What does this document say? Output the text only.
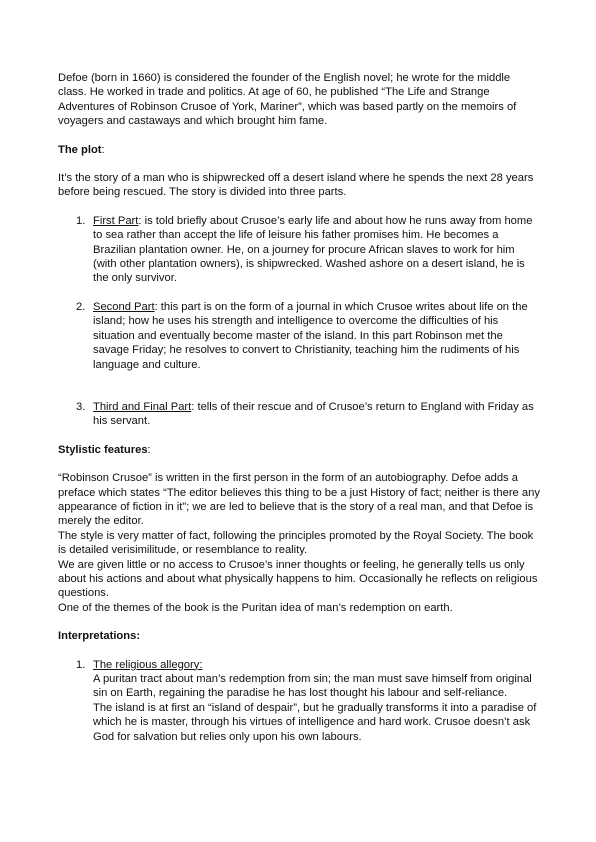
Defoe (born in 1660) is considered the founder of the English novel; he wrote for the middle class. He worked in trade and politics. At age of 60, he published “The Life and Strange Adventures of Robinson Crusoe of York, Mariner”, which was based partly on the memoirs of voyagers and castaways and which brought him fame.

The plot:

It’s the story of a man who is shipwrecked off a desert island where he spends the next 28 years before being rescued. The story is divided into three parts.

1. First Part: is told briefly about Crusoe’s early life and about how he runs away from home to sea rather than accept the life of leisure his father promises him. He becomes a Brazilian plantation owner. He, on a journey for procure African slaves to work for him (with other plantation owners), is shipwrecked. Washed ashore on a desert island, he is the only survivor.
2. Second Part: this part is on the form of a journal in which Crusoe writes about life on the island; how he uses his strength and intelligence to overcome the difficulties of his situation and eventually become master of the island. In this part Robinson met the savage Friday; he resolves to convert to Christianity, teaching him the rudiments of his language and culture.
3. Third and Final Part: tells of their rescue and of Crusoe’s return to England with Friday as his servant.

Stylistic features:

“Robinson Crusoe” is written in the first person in the form of an autobiography. Defoe adds a preface which states “The editor believes this thing to be a just History of fact; neither is there any appearance of fiction in it”; we are led to believe that is the story of a real man, and that Defoe is merely the editor.

The style is very matter of fact, following the principles promoted by the Royal Society. The book is detailed verisimilitude, or resemblance to reality.

We are given little or no access to Crusoe’s inner thoughts or feeling, he generally tells us only about his actions and about what physically happens to him. Occasionally he reflects on religious questions.

One of the themes of the book is the Puritan idea of man’s redemption on earth.

Interpretations:

1. The religious allegory:

A puritan tract about man’s redemption from sin; the man must save himself from original sin on Earth, regaining the paradise he has lost thought his labour and self-reliance.

The island is at first an “island of despair”, but he gradually transforms it into a paradise of which he is master, through his virtues of intelligence and hard work. Crusoe doesn’t ask God for salvation but relies only upon his own labours.
